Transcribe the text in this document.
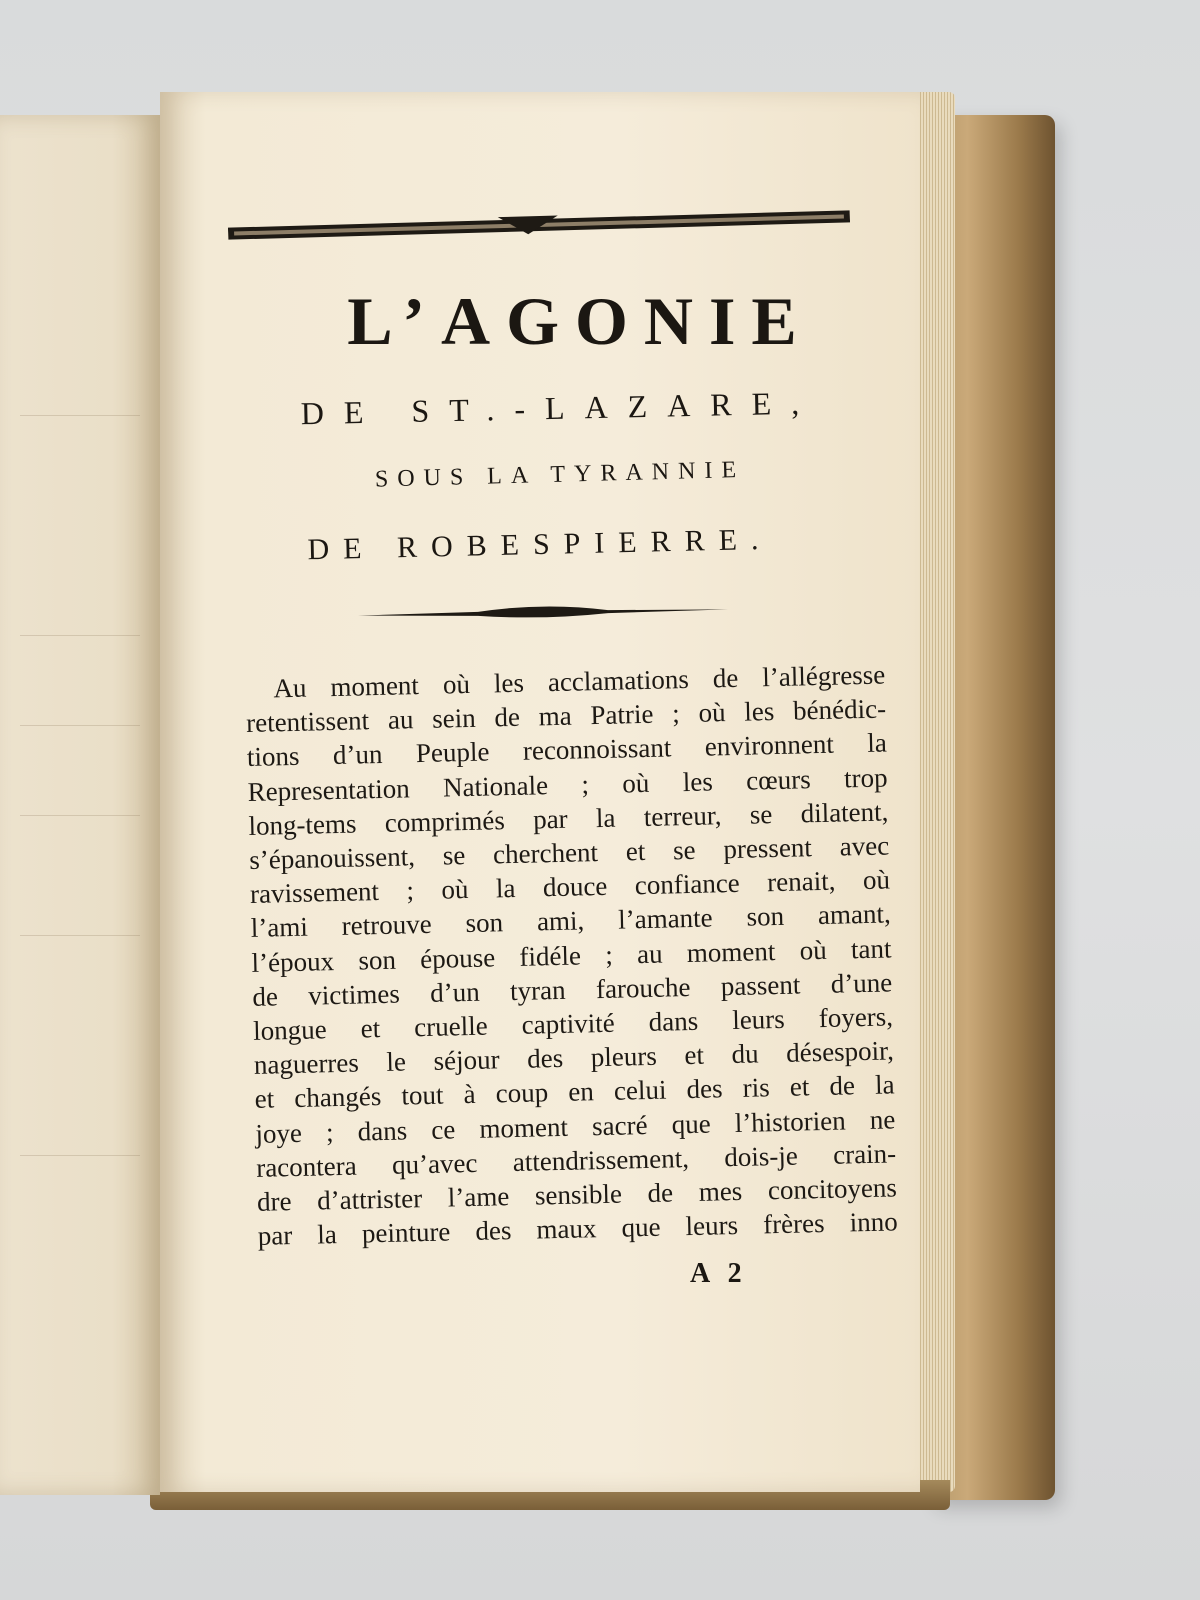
L’AGONIE
DE ST.-LAZARE,
SOUS LA TYRANNIE
DE ROBESPIERRE.
Au moment où les acclamations de l’allégresse
retentissent au sein de ma Patrie ; où les bénédic-
tions d’un Peuple reconnoissant environnent la
Representation Nationale ; où les cœurs trop
long-tems comprimés par la terreur, se dilatent,
s’épanouissent, se cherchent et se pressent avec
ravissement ; où la douce confiance renait, où
l’ami retrouve son ami, l’amante son amant,
l’époux son épouse fidéle ; au moment où tant
de victimes d’un tyran farouche passent d’une
longue et cruelle captivité dans leurs foyers,
naguerres le séjour des pleurs et du désespoir,
et changés tout à coup en celui des ris et de la
joye ; dans ce moment sacré que l’historien ne
racontera qu’avec attendrissement, dois-je crain-
dre d’attrister l’ame sensible de mes concitoyens
par la peinture des maux que leurs frères inno
A 2
